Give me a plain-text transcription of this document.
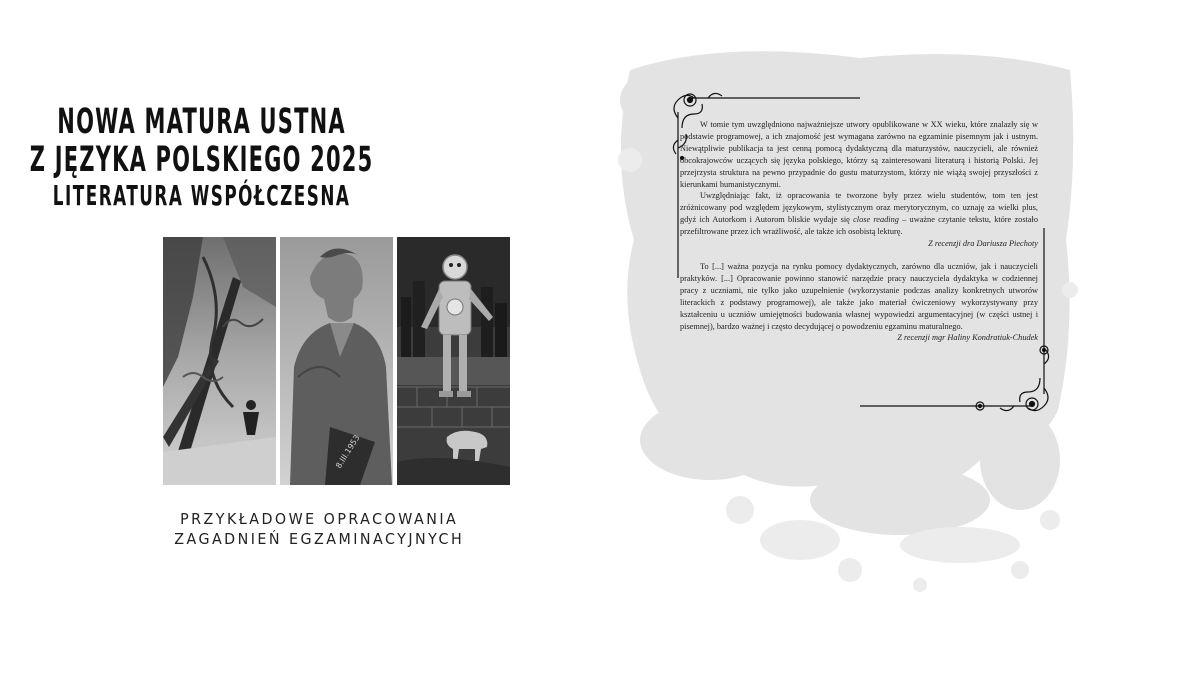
NOWA MATURA USTNA
Z JĘZYKA POLSKIEGO 2025
LITERATURA WSPÓŁCZESNA
8.III.1953
PRZYKŁADOWE OPRACOWANIA
ZAGADNIEŃ EGZAMINACYJNYCH

W tomie tym uwzględniono najważniejsze utwory opublikowane w XX wieku, które znalazły się w podstawie programowej, a ich znajomość jest wymagana zarówno na egzaminie pisemnym jak i ustnym. Niewątpliwie publikacja ta jest cenną pomocą dydaktyczną dla maturzystów, nauczycieli, ale również obcokrajowców uczących się języka polskiego, którzy są zainteresowani literaturą i historią Polski. Jej przejrzysta struktura na pewno przypadnie do gustu maturzystom, którzy nie wiążą swojej przyszłości z kierunkami humanistycznymi.

Uwzględniając fakt, iż opracowania te tworzone były przez wielu studentów, tom ten jest zróżnicowany pod względem językowym, stylistycznym oraz merytorycznym, co uznaję za wielki plus, gdyż ich Autorkom i Autorom bliskie wydaje się close reading – uważne czytanie tekstu, które zostało przefiltrowane przez ich wrażliwość, ale także ich osobistą lekturę.

Z recenzji dra Dariusza Piechoty

To [...] ważna pozycja na rynku pomocy dydaktycznych, zarówno dla uczniów, jak i nauczycieli praktyków. [...] Opracowanie powinno stanowić narzędzie pracy nauczyciela dydaktyka w codziennej pracy z uczniami, nie tylko jako uzupełnienie (wykorzystanie podczas analizy konkretnych utworów literackich z podstawy programowej), ale także jako materiał ćwiczeniowy wykorzystywany przy kształceniu u uczniów umiejętności budowania własnej wypowiedzi argumentacyjnej (w części ustnej i pisemnej), bardzo ważnej i często decydującej o powodzeniu egzaminu maturalnego.

Z recenzji mgr Haliny Kondratiuk-Chudek
